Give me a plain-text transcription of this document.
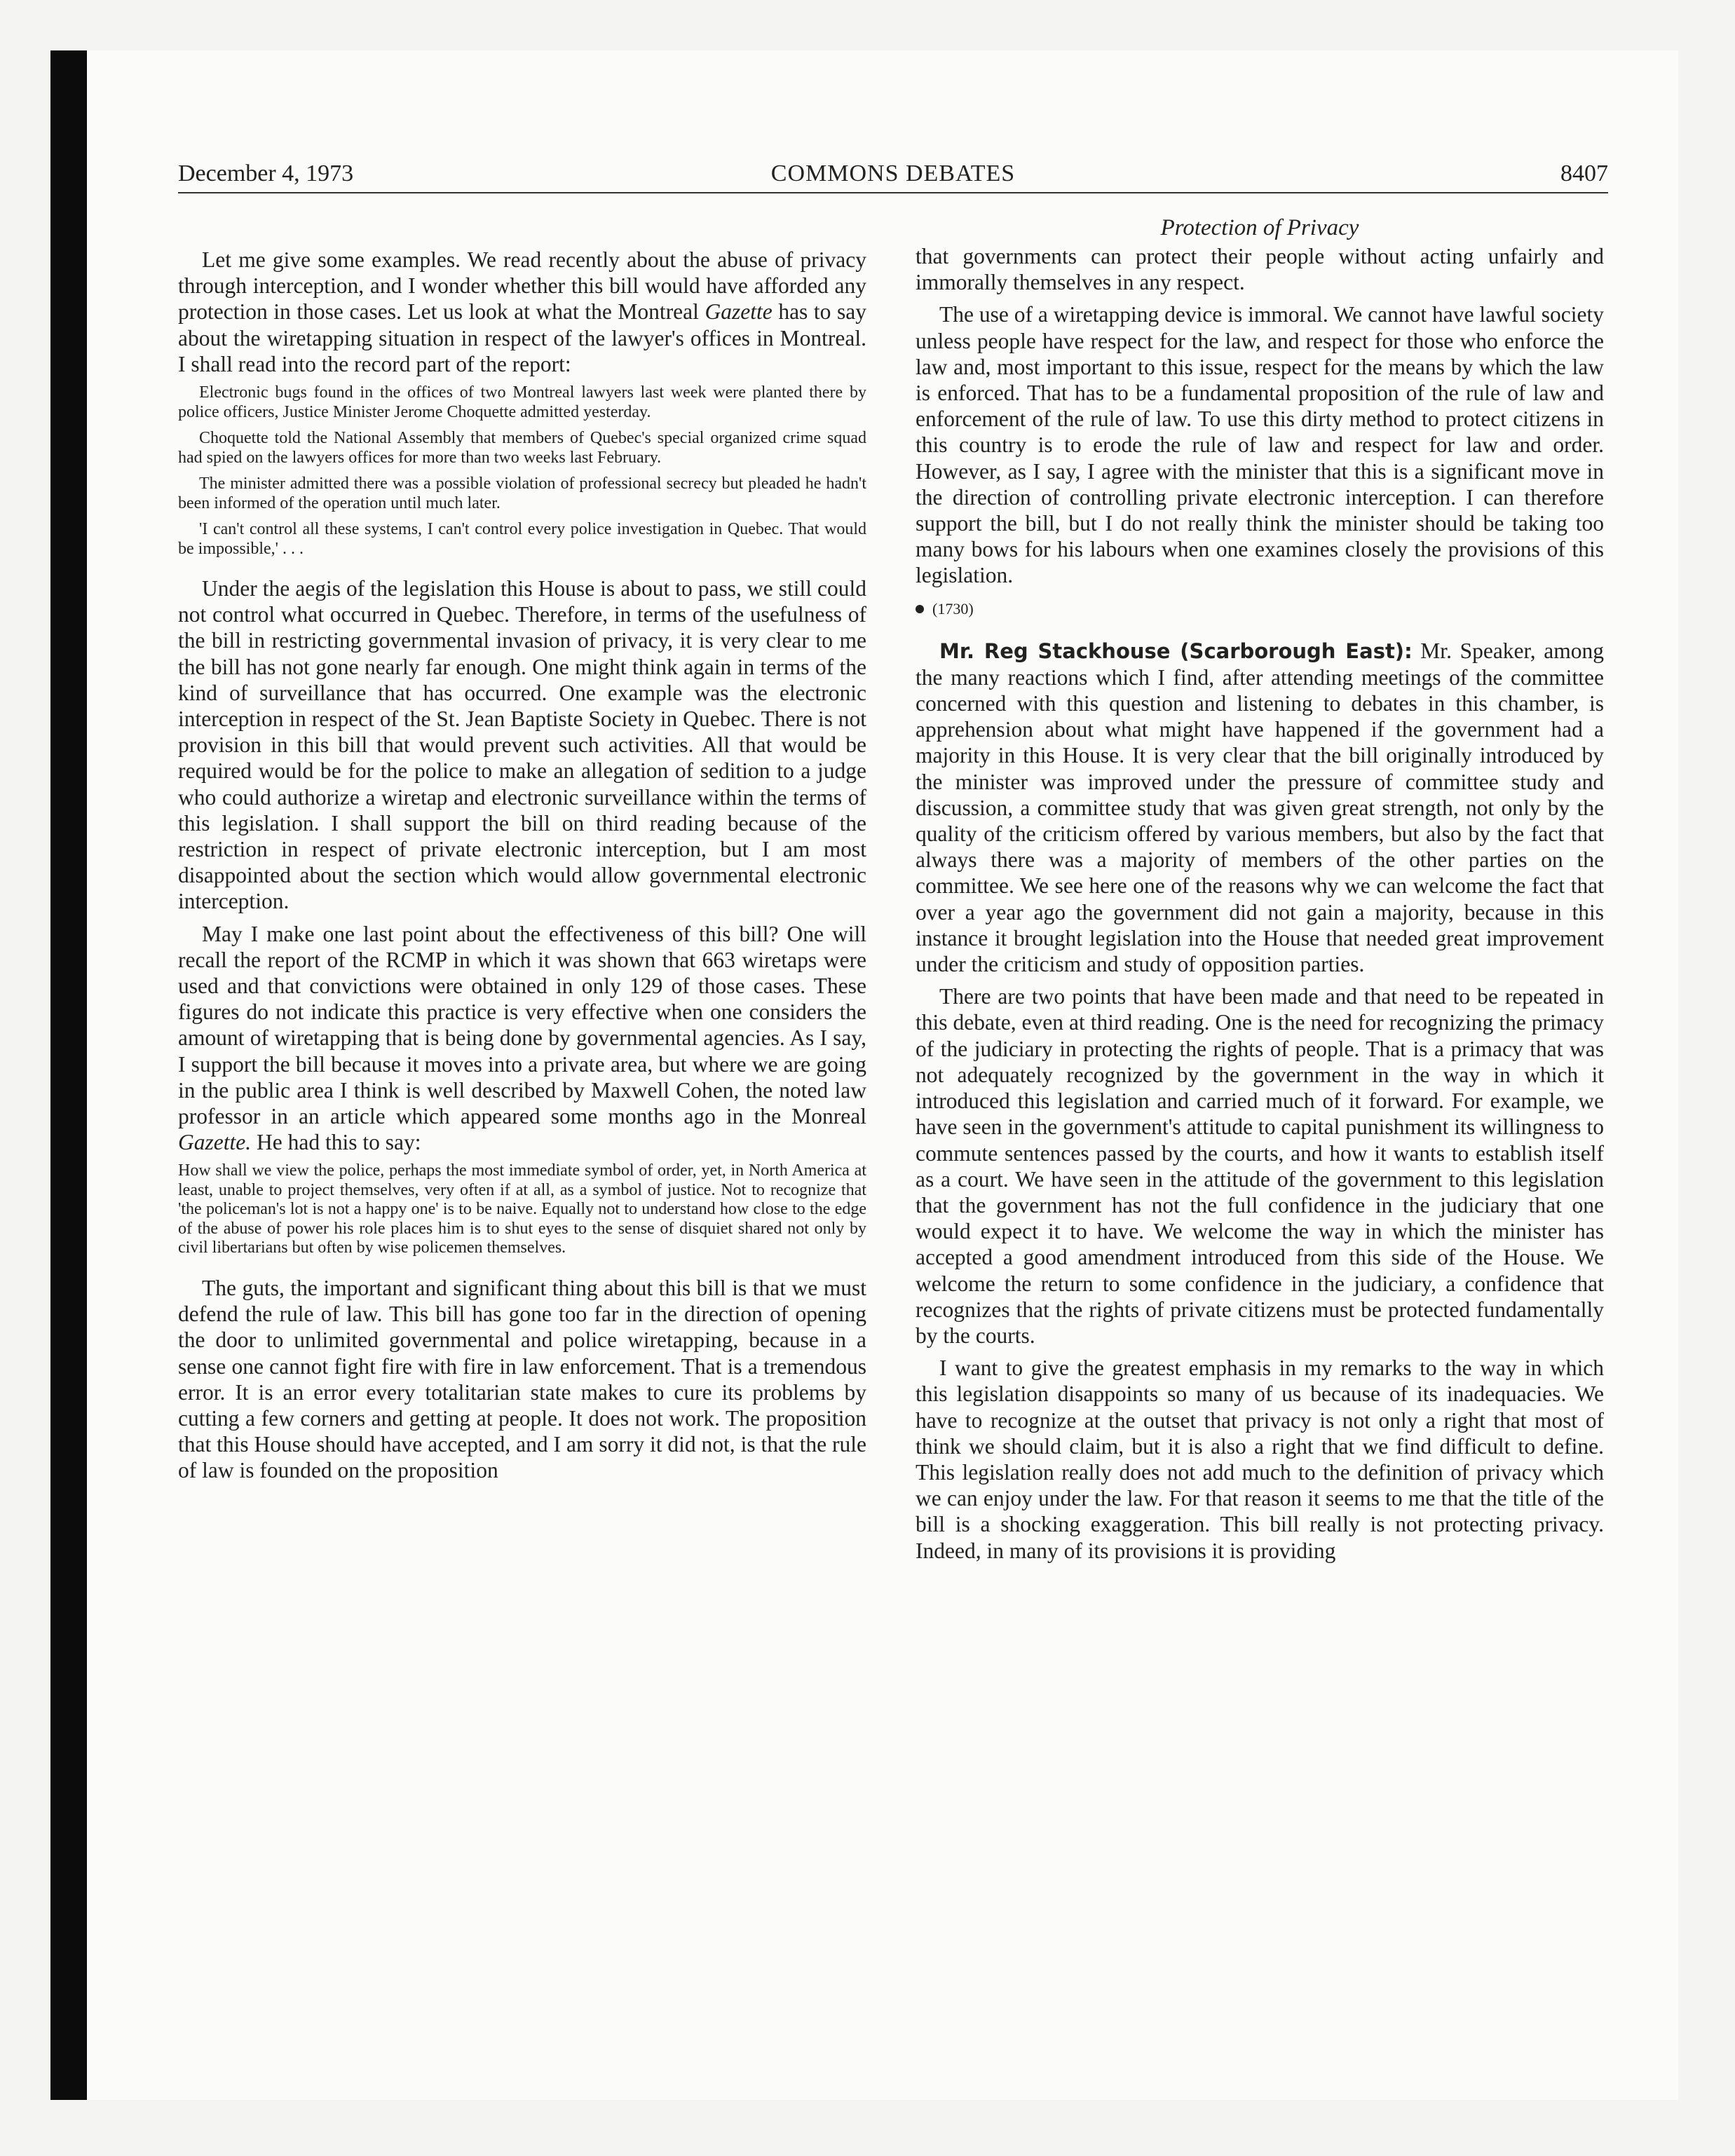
December 4, 1973	COMMONS DEBATES	8407

Let me give some examples. We read recently about the abuse of privacy through interception, and I wonder whether this bill would have afforded any protection in those cases. Let us look at what the Montreal Gazette has to say about the wiretapping situation in respect of the lawyer's offices in Montreal. I shall read into the record part of the report:

Electronic bugs found in the offices of two Montreal lawyers last week were planted there by police officers, Justice Minister Jerome Choquette admitted yesterday.

Choquette told the National Assembly that members of Quebec's special organized crime squad had spied on the lawyers offices for more than two weeks last February.

The minister admitted there was a possible violation of professional secrecy but pleaded he hadn't been informed of the operation until much later.

'I can't control all these systems, I can't control every police investigation in Quebec. That would be impossible,' . . .

Under the aegis of the legislation this House is about to pass, we still could not control what occurred in Quebec. Therefore, in terms of the usefulness of the bill in restricting governmental invasion of privacy, it is very clear to me the bill has not gone nearly far enough. One might think again in terms of the kind of surveillance that has occurred. One example was the electronic interception in respect of the St. Jean Baptiste Society in Quebec. There is not provision in this bill that would prevent such activities. All that would be required would be for the police to make an allegation of sedition to a judge who could authorize a wiretap and electronic surveillance within the terms of this legislation. I shall support the bill on third reading because of the restriction in respect of private electronic interception, but I am most disappointed about the section which would allow governmental electronic interception.

May I make one last point about the effectiveness of this bill? One will recall the report of the RCMP in which it was shown that 663 wiretaps were used and that convictions were obtained in only 129 of those cases. These figures do not indicate this practice is very effective when one considers the amount of wiretapping that is being done by governmental agencies. As I say, I support the bill because it moves into a private area, but where we are going in the public area I think is well described by Maxwell Cohen, the noted law professor in an article which appeared some months ago in the Monreal Gazette. He had this to say:

How shall we view the police, perhaps the most immediate symbol of order, yet, in North America at least, unable to project themselves, very often if at all, as a symbol of justice. Not to recognize that 'the policeman's lot is not a happy one' is to be naive. Equally not to understand how close to the edge of the abuse of power his role places him is to shut eyes to the sense of disquiet shared not only by civil libertarians but often by wise policemen themselves.

The guts, the important and significant thing about this bill is that we must defend the rule of law. This bill has gone too far in the direction of opening the door to unlimited governmental and police wiretapping, because in a sense one cannot fight fire with fire in law enforcement. That is a tremendous error. It is an error every totalitarian state makes to cure its problems by cutting a few corners and getting at people. It does not work. The proposition that this House should have accepted, and I am sorry it did not, is that the rule of law is founded on the proposition

Protection of Privacy

that governments can protect their people without acting unfairly and immorally themselves in any respect.

The use of a wiretapping device is immoral. We cannot have lawful society unless people have respect for the law, and respect for those who enforce the law and, most important to this issue, respect for the means by which the law is enforced. That has to be a fundamental proposition of the rule of law and enforcement of the rule of law. To use this dirty method to protect citizens in this country is to erode the rule of law and respect for law and order. However, as I say, I agree with the minister that this is a significant move in the direction of controlling private electronic interception. I can therefore support the bill, but I do not really think the minister should be taking too many bows for his labours when one examines closely the provisions of this legislation.

(1730)

Mr. Reg Stackhouse (Scarborough East): Mr. Speaker, among the many reactions which I find, after attending meetings of the committee concerned with this question and listening to debates in this chamber, is apprehension about what might have happened if the government had a majority in this House. It is very clear that the bill originally introduced by the minister was improved under the pressure of committee study and discussion, a committee study that was given great strength, not only by the quality of the criticism offered by various members, but also by the fact that always there was a majority of members of the other parties on the committee. We see here one of the reasons why we can welcome the fact that over a year ago the government did not gain a majority, because in this instance it brought legislation into the House that needed great improvement under the criticism and study of opposition parties.

There are two points that have been made and that need to be repeated in this debate, even at third reading. One is the need for recognizing the primacy of the judiciary in protecting the rights of people. That is a primacy that was not adequately recognized by the government in the way in which it introduced this legislation and carried much of it forward. For example, we have seen in the government's attitude to capital punishment its willingness to commute sentences passed by the courts, and how it wants to establish itself as a court. We have seen in the attitude of the government to this legislation that the government has not the full confidence in the judiciary that one would expect it to have. We welcome the way in which the minister has accepted a good amendment introduced from this side of the House. We welcome the return to some confidence in the judiciary, a confidence that recognizes that the rights of private citizens must be protected fundamentally by the courts.

I want to give the greatest emphasis in my remarks to the way in which this legislation disappoints so many of us because of its inadequacies. We have to recognize at the outset that privacy is not only a right that most of think we should claim, but it is also a right that we find difficult to define. This legislation really does not add much to the definition of privacy which we can enjoy under the law. For that reason it seems to me that the title of the bill is a shocking exaggeration. This bill really is not protecting privacy. Indeed, in many of its provisions it is providing
